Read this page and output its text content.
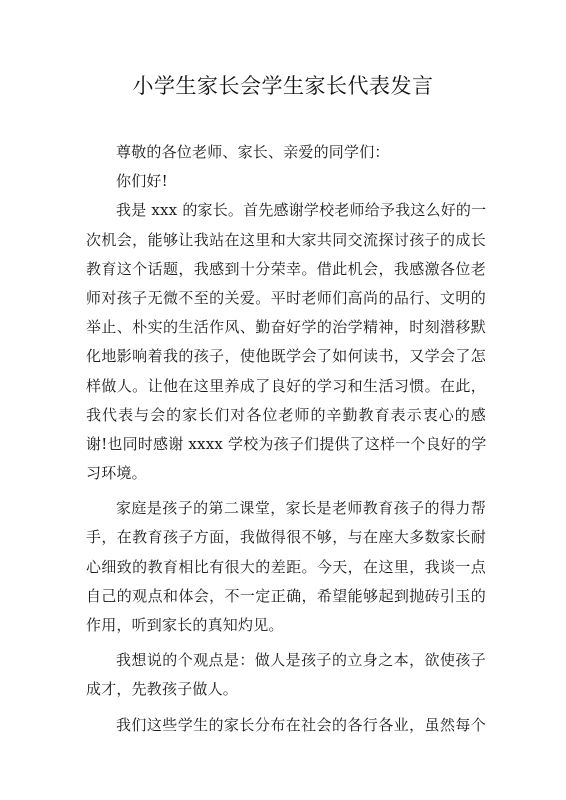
小学生家长会学生家长代表发言
尊敬的各位老师、家长、亲爱的同学们：
你们好!
我是 xxx 的家长。首先感谢学校老师给予我这么好的一
次机会，能够让我站在这里和大家共同交流探讨孩子的成长
教育这个话题，我感到十分荣幸。借此机会，我感激各位老
师对孩子无微不至的关爱。平时老师们高尚的品行、文明的
举止、朴实的生活作风、勤奋好学的治学精神，时刻潜移默
化地影响着我的孩子，使他既学会了如何读书，又学会了怎
样做人。让他在这里养成了良好的学习和生活习惯。在此，
我代表与会的家长们对各位老师的辛勤教育表示衷心的感
谢!也同时感谢 xxxx 学校为孩子们提供了这样一个良好的学
习环境。
家庭是孩子的第二课堂，家长是老师教育孩子的得力帮
手，在教育孩子方面，我做得很不够，与在座大多数家长耐
心细致的教育相比有很大的差距。今天，在这里，我谈一点
自己的观点和体会，不一定正确，希望能够起到抛砖引玉的
作用，听到家长的真知灼见。
我想说的个观点是：做人是孩子的立身之本，欲使孩子
成才，先教孩子做人。
我们这些学生的家长分布在社会的各行各业，虽然每个
